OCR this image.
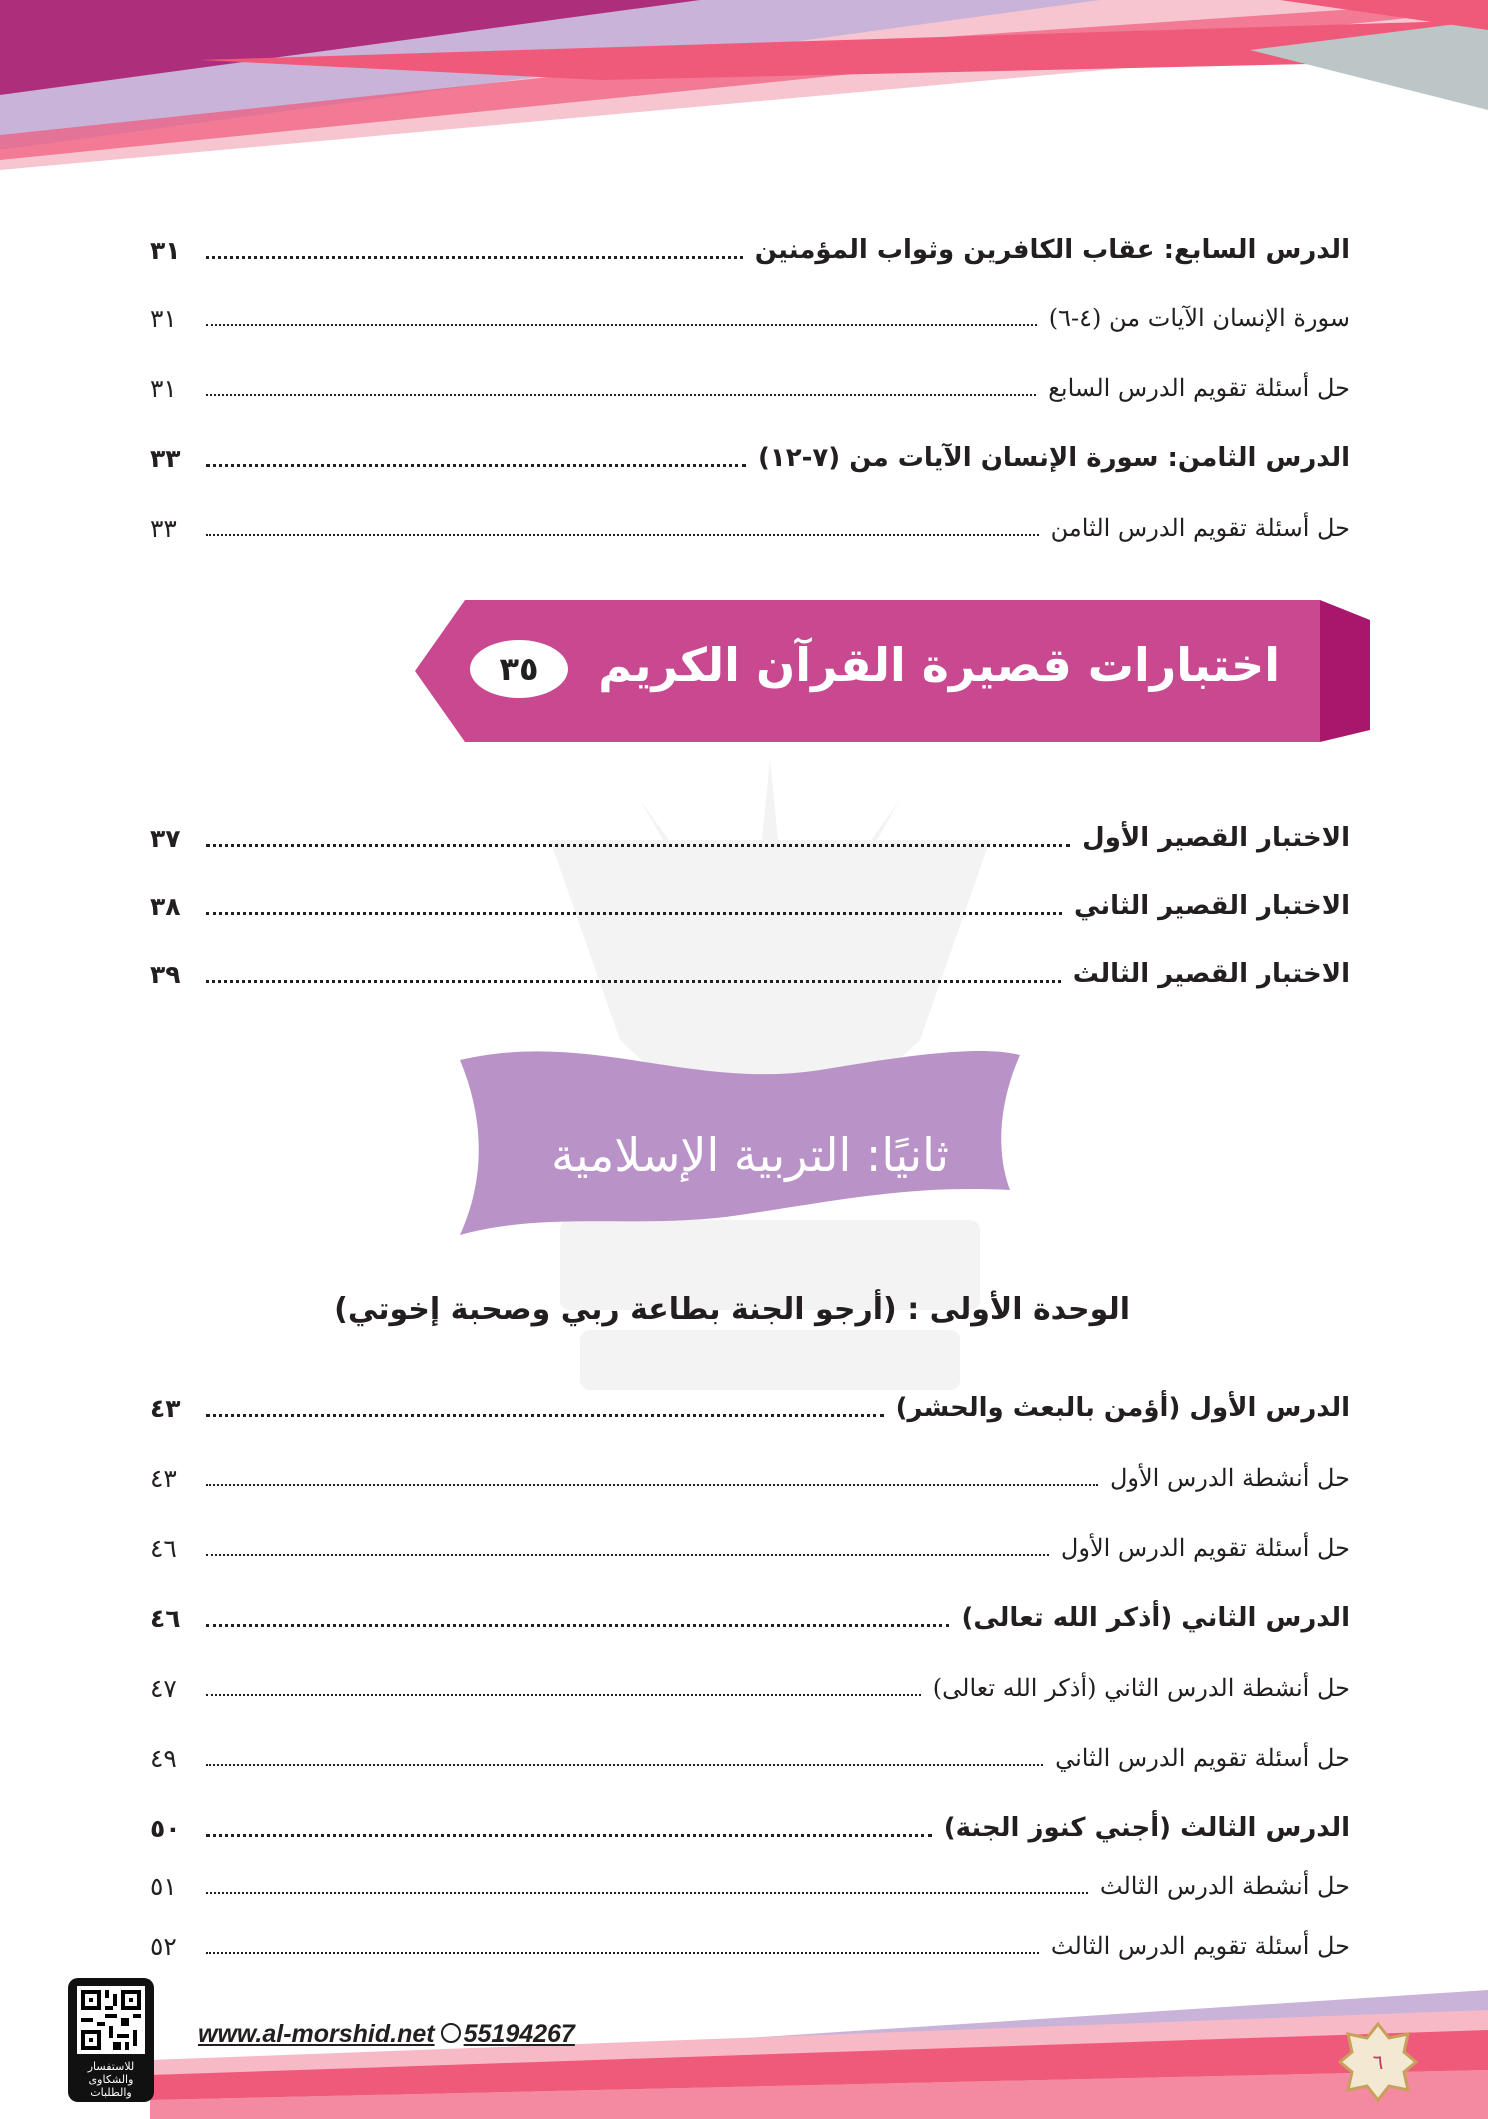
الدرس السابع: عقاب الكافرين وثواب المؤمنين
٣١
سورة الإنسان الآيات من (٤-٦)
٣١
حل أسئلة تقويم الدرس السابع
٣١
الدرس الثامن: سورة الإنسان الآيات من (٧-١٢)
٣٣
حل أسئلة تقويم الدرس الثامن
٣٣
اختبارات قصيرة القرآن الكريم
٣٥
الاختبار القصير الأول
٣٧
الاختبار القصير الثاني
٣٨
الاختبار القصير الثالث
٣٩
ثانيًا: التربية الإسلامية
الوحدة الأولى : (أرجو الجنة بطاعة ربي وصحبة إخوتي)
الدرس الأول (أؤمن بالبعث والحشر)
٤٣
حل أنشطة الدرس الأول
٤٣
حل أسئلة تقويم الدرس الأول
٤٦
الدرس الثاني (أذكر الله تعالى)
٤٦
حل أنشطة الدرس الثاني (أذكر الله تعالى)
٤٧
حل أسئلة تقويم الدرس الثاني
٤٩
الدرس الثالث (أجني كنوز الجنة)
٥٠
حل أنشطة الدرس الثالث
٥١
حل أسئلة تقويم الدرس الثالث
٥٢
للاستفسار والشكاوى والطلبات
www.al-morshid.net 55194267
٦
